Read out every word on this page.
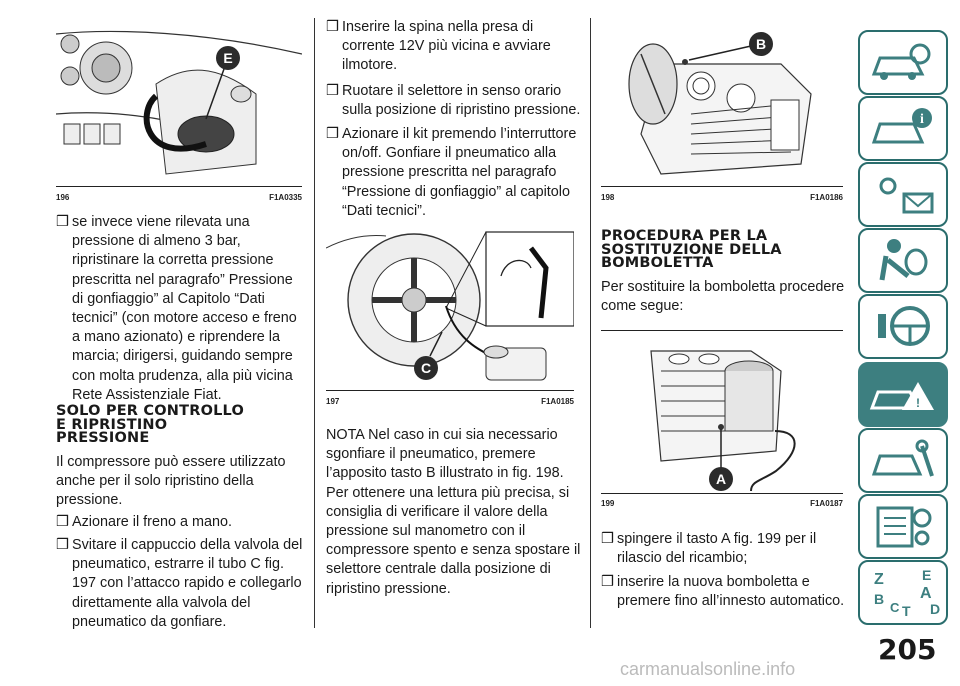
E
196	F1A0335
❒ se invece viene rilevata una pressione di almeno 3 bar, ripristinare la corretta pressione prescritta nel paragrafo” Pressione di gonfiaggio” al Capitolo “Dati tecnici” (con motore acceso e freno a mano azionato) e riprendere la marcia; dirigersi, guidando sempre con molta prudenza, alla più vicina Rete Assistenziale Fiat.
SOLO PER CONTROLLO
E RIPRISTINO
PRESSIONE
Il compressore può essere utilizzato anche per il solo ripristino della pressione.
❒ Azionare il freno a mano.
❒ Svitare il cappuccio della valvola del pneumatico, estrarre il tubo C fig. 197 con l’attacco rapido e collegarlo direttamente alla valvola del pneumatico da gonfiare.
❒ Inserire la spina nella presa di corrente 12V più vicina e avviare ilmotore.
❒ Ruotare il selettore in senso orario sulla posizione di ripristino pressione.
❒ Azionare il kit premendo l’interruttore on/off. Gonfiare il pneumatico alla pressione prescritta nel paragrafo “Pressione di gonfiaggio” al capitolo “Dati tecnici”.
C
197	F1A0185
NOTA Nel caso in cui sia necessario sgonfiare il pneumatico, premere l’apposito tasto B illustrato in fig. 198. Per ottenere una lettura più precisa, si consiglia di verificare il valore della pressione sul manometro con il compressore spento e senza spostare il selettore centrale dalla posizione di ripristino pressione.
B
198	F1A0186
PROCEDURA PER LA
SOSTITUZIONE DELLA
BOMBOLETTA
Per sostituire la bomboletta procedere come segue:
A
199	F1A0187
❒ spingere il tasto A fig. 199 per il rilascio del ricambio;
❒ inserire la nuova bomboletta e premere fino all’innesto automatico.
i
!
Z	E
A
B
C T D
205
carmanualsonline.info
